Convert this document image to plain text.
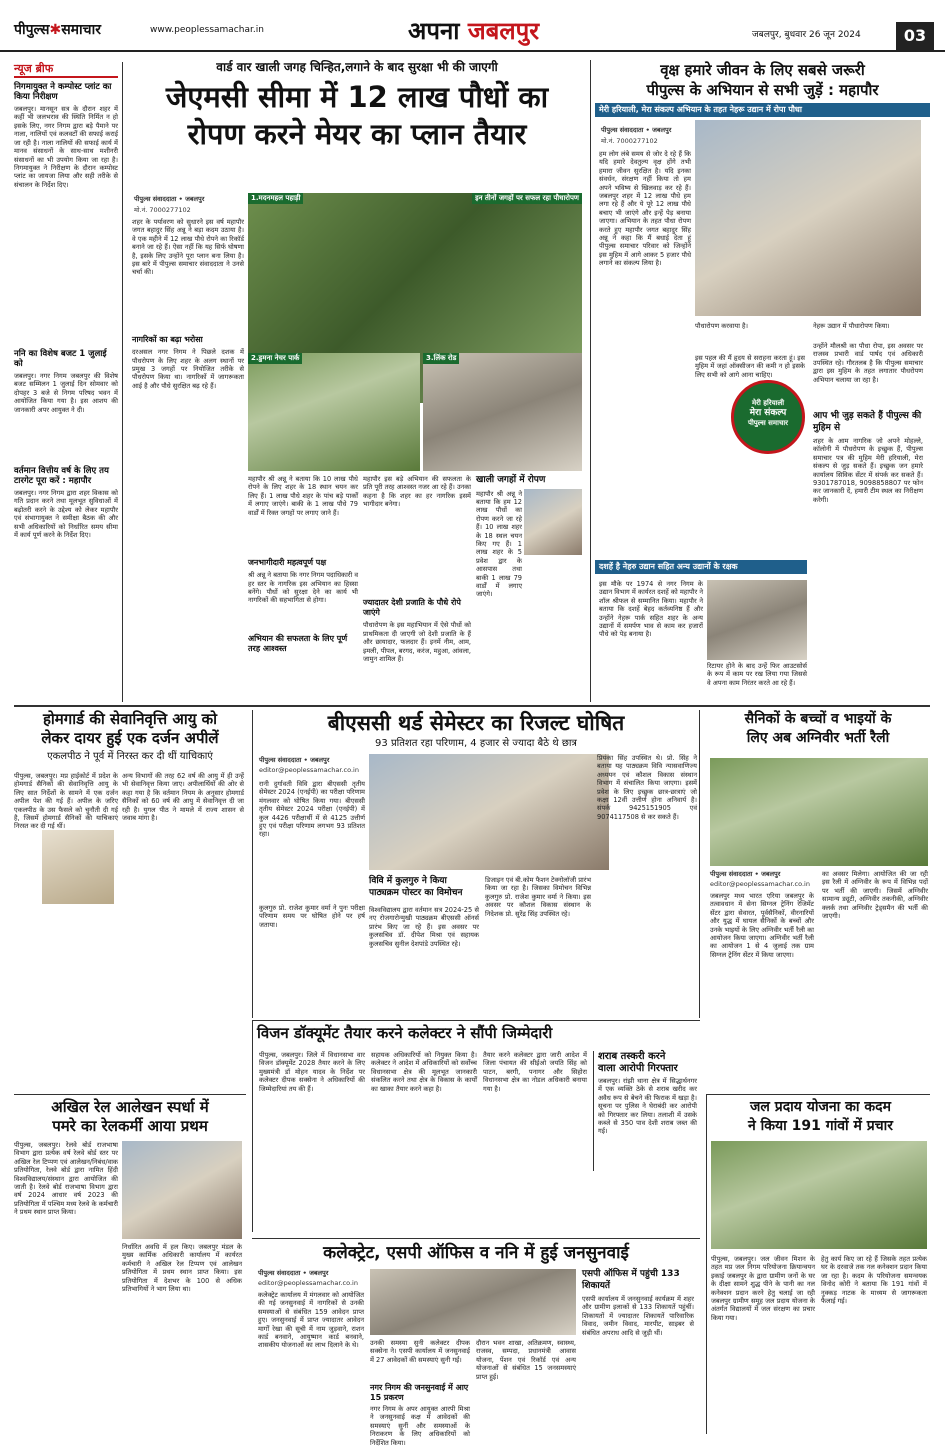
पीपुल्स✱समाचार	www.peoplessamachar.in	अपना जबलपुर	जबलपुर, बुधवार 26 जून 2024	03
न्यूज ब्रीफ
निगमायुक्त ने कम्पोस्ट प्लांट का किया निरीक्षण
जबलपुर। मानसून सत्र के दौरान शहर में कहीं भी जलभराव की स्थिति निर्मित न हो इसके लिए, नगर निगम द्वारा बड़े पैमाने पर नाला, नालियों एवं कलवर्टों की सफाई कराई जा रही है। नाला नालियों की सफाई कार्य में मानव संसाधनों के साथ-साथ मशीनरी संसाधनों का भी उपयोग किया जा रहा है। निगमायुक्त ने निरीक्षण के दौरान कम्पोस्ट प्लांट का जायजा लिया और सही तरीके से संचालन के निर्देश दिए।
ननि का विशेष बजट 1 जुलाई को
जबलपुर। नगर निगम जबलपुर की विशेष बजट सम्मिलन 1 जुलाई दिन सोमवार को दोपहर 3 बजे से निगम परिषद भवन में आयोजित किया गया है। इस आशय की जानकारी अपर आयुक्त ने दी।
वर्तमान वित्तीय वर्ष के लिए तय टारगेट पूरा करें : महापौर
जबलपुर। नगर निगम द्वारा शहर विकास को गति प्रदान करने तथा मूलभूत सुविधाओं में बढ़ोतरी करने के उद्देश्य को लेकर महापौर एवं संभागायुक्त ने समीक्षा बैठक की और सभी अधिकारियों को निर्धारित समय सीमा में कार्य पूर्ण करने के निर्देश दिए।
वार्ड वार खाली जगह चिन्हित,लगाने के बाद सुरक्षा भी की जाएगी
जेएमसी सीमा में 12 लाख पौधों का
रोपण करने मेयर का प्लान तैयार
पीपुल्स संवाददाता • जबलपुर
मो.नं. 7000277102
शहर के पर्यावरण को सुधारने इस वर्ष महापौर जगत बहादुर सिंह अन्नू ने बड़ा कदम उठाया है। वे एक महीने में 12 लाख पौधे रोपने का रिकॉर्ड बनाने जा रहे हैं। ऐसा नहीं कि यह सिर्फ घोषणा है, इसके लिए उन्होंने पूरा प्लान बना लिया है। इस बारे में पीपुल्स समाचार संवाददाता ने उनसे चर्चा की।
नागरिकों का बढ़ा भरोसा
दरअसल नगर निगम ने पिछले दशक में पौधरोपण के लिए शहर के अलग स्थानों पर प्रमुख 3 जगहों पर नियोजित तरीके से पौधरोपण किया था। नागरिकों में जागरूकता आई है और पौधे सुरक्षित बढ़ रहे हैं।
1.मदनमहल पहाड़ी	इन तीनों जगहों पर सफल रहा पौधारोपण
2.डुमना नेचर पार्क	3.लिंक रोड
महापौर श्री अन्नू ने बताया कि 10 लाख पौधे रोपने के लिए शहर के 18 स्थान चयन कर लिए हैं। 1 लाख पौधे शहर के पांच बड़े पार्कों में लगाए जाएंगे। बाकी के 1 लाख पौधे 79 वार्डों में रिक्त जगहों पर लगाए जाने हैं।
जनभागीदारी महत्वपूर्ण पक्ष
श्री अन्नू ने बताया कि नगर निगम पदाधिकारी व हर स्तर के नागरिक इस अभियान का हिस्सा बनेंगे। पौधों को सुरक्षा देने का कार्य भी नागरिकों की सहभागिता से होगा।
अभियान की सफलता के लिए पूर्ण तरह आश्वस्त
महापौर इस बड़े अभियान की सफलता के प्रति पूरी तरह आश्वस्त नजर आ रहे हैं। उनका कहना है कि शहर का हर नागरिक इसमें भागीदार बनेगा।
ज्यादातर देशी प्रजाति के पौधे रोपे जाएंगे
पौधारोपण के इस महाभियान में ऐसे पौधों को प्राथमिकता दी जाएगी जो देशी प्रजाति के हैं और छायादार, फलदार हैं। इनमें नीम, आम, इमली, पीपल, बरगद, करंज, महुआ, आंवला, जामुन शामिल हैं।
खाली जगहों में रोपण
महापौर श्री अन्नू ने बताया कि हम 12 लाख पौधों का रोपण करने जा रहे हैं। 10 लाख शहर के 18 स्थल चयन किए गए हैं। 1 लाख शहर के 5 प्रवेश द्वार के आसपास तथा बाकी 1 लाख 79 वार्डों में लगाए जाएंगे।
वृक्ष हमारे जीवन के लिए सबसे जरूरी
पीपुल्स के अभियान से सभी जुड़ें : महापौर
मेरी हरियाली, मेरा संकल्प अभियान के तहत नेहरू उद्यान में रोपा पौधा
पीपुल्स संवाददाता • जबलपुर
मो.नं. 7000277102
हम लोग लंबे समय से जोर दे रहे हैं कि यदि हमारे देवतुल्य वृक्ष होंगे तभी हमारा जीवन सुरक्षित है। यदि इनका संवर्धन, संरक्षण नहीं किया तो हम अपने भविष्य से खिलवाड़ कर रहे हैं। जबलपुर शहर में 12 लाख पौधे हम लगा रहे हैं और ये पूरे 12 लाख पौधे बचाए भी जाएंगे और इन्हें पेड़ बनाया जाएगा। अभियान के तहत पौधा रोपण करते हुए महापौर जगत बहादुर सिंह अन्नू ने कहा कि मैं बधाई देता हूं पीपुल्स समाचार परिवार को जिन्होंने इस मुहिम में आगे आकर 5 हजार पौधे लगाने का संकल्प लिया है।
पौधारोपण करवाया है।
इस पहल की मैं हृदय से सराहना करता हूं। इस मुहिम में जहां ऑक्सीजन की कमी न हो इसके लिए सभी को आगे आना चाहिए।
मेरी हरियाली
मेरा संकल्प
पीपुल्स समाचार
नेहरू उद्यान में पौधारोपण किया।
उन्होंने मौलश्री का पौधा रोपा, इस अवसर पर राजस्व प्रभारी वार्ड पार्षद एवं अधिकारी उपस्थित रहे। गौरतलब है कि पीपुल्स समाचार द्वारा इस मुहिम के तहत लगातार पौधरोपण अभियान चलाया जा रहा है।
आप भी जुड़ सकते हैं पीपुल्स की मुहिम से
शहर के आम नागरिक जो अपने मोहल्ले, कॉलोनी में पौधरोपण के इच्छुक हैं, पीपुल्स समाचार पत्र की मुहिम मेरी हरियाली, मेरा संकल्प से जुड़ सकते हैं। इच्छुक जन हमारे कार्यालय सिविक सेंटर में संपर्क कर सकते हैं। 9301787018, 9098858807 पर फोन कर जानकारी दें, हमारी टीम स्थल का निरीक्षण करेगी।
दशहें है नेहरु उद्यान सहित अन्य उद्यानों के रक्षक
इस मौके पर 1974 से नगर निगम के उद्यान विभाग में कार्यरत दशहें को महापौर ने शॉल श्रीफल से सम्मानित किया। महापौर ने बताया कि दशहें बेहद कर्तव्यनिष्ठ हैं और उन्होंने नेहरू पार्क सहित शहर के अन्य उद्यानों में समर्पण भाव से काम कर हजारों पौधे को पेड़ बनाया है।
रिटायर होने के बाद उन्हें फिर आउटसोर्स के रूप में काम पर रख लिया गया जिससे वे अपना काम निरंतर करते आ रहे हैं।
होमगार्ड की सेवानिवृत्ति आयु को
लेकर दायर हुई एक दर्जन अपीलें
एकलपीठ ने पूर्व में निरस्त कर दी थीं याचिकाएं
पीपुल्स, जबलपुर। मप्र हाईकोर्ट में प्रदेश के होमगार्ड सैनिकों की सेवानिवृत्ति आयु के लिए सात निर्देशों के सामने में एक दर्जन अपील पेश की गई हैं। अपील के जरिए एकलपीठ के उस फैसले को चुनौती दी गई है, जिसमें होमगार्ड सैनिकों की याचिकाएं निरस्त कर दी गई थीं।
अन्य विभागों की तरह 62 वर्ष की आयु में ही उन्हें भी सेवानिवृत्त किया जाए। अपीलार्थियों की ओर से कहा गया है कि वर्तमान नियम के अनुसार होमगार्ड सैनिकों को 60 वर्ष की आयु में सेवानिवृत्त दी जा रही है। युगल पीठ ने मामले में राज्य शासन से जवाब मांगा है।
बीएससी थर्ड सेमेस्टर का रिजल्ट घोषित
93 प्रतिशत रहा परिणाम, 4 हजार से ज्यादा बैठे थे छात्र
पीपुल्स संवाददाता • जबलपुर
editor@peoplessamachar.co.in
रानी दुर्गावती विवि द्वारा बीएससी तृतीय सेमेस्टर 2024 (एनईपी) का परीक्षा परिणाम मंगलवार को घोषित किया गया। बीएससी तृतीय सेमेस्टर 2024 परीक्षा (एनईपी) में कुल 4426 परीक्षार्थी में से 4125 उत्तीर्ण हुए एवं परीक्षा परिणाम लगभग 93 प्रतिशत रहा।
कुलगुरु प्रो. राजेश कुमार वर्मा ने पुनः परीक्षा परिणाम समय पर घोषित होने पर हर्ष जताया।
विवि में कुलगुरु ने किया पाठ्यक्रम पोस्टर का विमोचन
विश्वविद्यालय द्वारा वर्तमान सत्र 2024-25 से नए रोजगारोन्मुखी पाठ्यक्रम बीएससी ऑनर्स प्रारंभ किए जा रहे हैं। इस अवसर पर कुलसचिव डॉ. दीपेश मिश्रा एवं सहायक कुलसचिव सुनील देशपांडे उपस्थित रहे।
डिजाइन एवं बी.कोम फैशन टेक्नोलॉजी प्रारंभ किया जा रहा है। जिसका विमोचन विभिन्न कुलगुरु प्रो. राजेश कुमार वर्मा ने किया। इस अवसर पर कौशल विकास संस्थान के निदेशक प्रो. सुरेंद्र सिंह उपस्थित रहे।
प्रियंका सिंह उपस्थित थे। प्रो. सिंह ने बताया यह पाठ्यक्रम विवि न्यासवाणिज्य अध्ययन एवं कौशल विकास संस्थान विभाग में संचालित किया जाएगा। इसमें प्रवेश के लिए इच्छुक छात्र-छात्राएं जो कक्षा 12वीं उत्तीर्ण होना अनिवार्य है। संपर्क 9425151905 एवं 9074117508 से कर सकते हैं।
सैनिकों के बच्चों व भाइयों के
लिए अब अग्निवीर भर्ती रैली
पीपुल्स संवाददाता • जबलपुर
editor@peoplessamachar.co.in
जबलपुर मध्य भारत एरिया जबलपुर के तत्वावधान में सेना सिग्नल ट्रेनिंग रेजिमेंट सेंटर द्वारा सेवारत, पूर्वसैनिकों, वीरनारियों और युद्ध में घायल सैनिकों के बच्चों और उनके भाइयों के लिए अग्निवीर भर्ती रैली का आयोजन किया जाएगा। अग्निवीर भर्ती रैली का आयोजन 1 से 4 जुलाई तक ग्राम सिग्नल ट्रेनिंग सेंटर में किया जाएगा।
का अवसर मिलेगा। आयोजित की जा रही इस रैली में अग्निवीर के रूप में विभिन्न पदों पर भर्ती की जाएगी। जिसमें अग्निवीर सामान्य ड्यूटी, अग्निवीर तकनीकी, अग्निवीर क्लर्क तथा अग्निवीर ट्रेड्समैन की भर्ती की जाएगी।
विजन डॉक्यूमेंट तैयार करने कलेक्टर ने सौंपी जिम्मेदारी
पीपुल्स, जबलपुर। जिले में विधानसभा वार विजन डॉक्यूमेंट 2028 तैयार करने के लिए मुख्यमंत्री डॉ मोहन यादव के निर्देश पर कलेक्टर दीपक सक्सेना ने अधिकारियों की जिम्मेदारियां तय की हैं।
सहायक अधिकारियों को नियुक्त किया है। कलेक्टर ने आदेश में अधिकारियों को सर्वोच्च विधानसभा क्षेत्र की मूलभूत जानकारी संकलित करने तथा क्षेत्र के विकास के कार्यों का खाका तैयार करने कहा है।
तैयार करने कलेक्टर द्वारा जारी आदेश में जिला पंचायत की सीईओ जयति सिंह को पाटन, बरगी, पनागर और सिहोरा विधानसभा क्षेत्र का नोडल अधिकारी बनाया गया है।
शराब तस्करी करने
वाला आरोपी गिरफ्तार
जबलपुर। रांझी थाना क्षेत्र में सिद्धार्थनगर में एक व्यक्ति ठेके से शराब खरीद कर अवैध रूप से बेचने की फिराक में खड़ा है। सूचना पर पुलिस ने घेराबंदी कर आरोपी को गिरफ्तार कर लिया। तलाशी में उसके कब्जे से 350 पाव देशी शराब जब्त की गई।
अखिल रेल आलेखन स्पर्धा में
पमरे का रेलकर्मी आया प्रथम
पीपुल्स, जबलपुर। रेलवे बोर्ड राजभाषा विभाग द्वारा प्रत्येक वर्ष रेलवे बोर्ड स्तर पर अखिल रेल टिप्पण एवं आलेखन/निबंध/वाक प्रतियोगिता, रेलवे बोर्ड द्वारा नामित हिंदी विश्वविद्यालय/संस्थान द्वारा आयोजित की जाती है। रेलवे बोर्ड राजभाषा विभाग द्वारा वर्ष 2024 आधार वर्ष 2023 की प्रतियोगिता में पश्चिम मध्य रेलवे के कर्मचारी ने प्रथम स्थान प्राप्त किया।
निर्धारित अवधि में हल किए। जबलपुर मंडल के मुख्य कार्मिक अधिकारी कार्यालय में कार्यरत कर्मचारी ने अखिल रेल टिप्पण एवं आलेखन प्रतियोगिता में प्रथम स्थान प्राप्त किया। इस प्रतियोगिता में देशभर के 100 से अधिक प्रतिभागियों ने भाग लिया था।
कलेक्ट्रेट, एसपी ऑफिस व ननि में हुई जनसुनवाई
पीपुल्स संवाददाता • जबलपुर
editor@peoplessamachar.co.in
कलेक्ट्रेट कार्यालय में मंगलवार को आयोजित की गई जनसुनवाई में नागरिकों से उनकी समस्याओं से संबंधित 159 आवेदन प्राप्त हुए। जनसुनवाई में प्राप्त ज्यादातर आवेदन मार्गों रेखा की सूची में नाम जुड़वाने, राशन कार्ड बनवाने, आयुष्मान कार्ड बनवाने, शासकीय योजनाओं का लाभ दिलाने के थे।	उनकी समस्या सुनी कलेक्टर दीपक सक्सेना ने। एसपी कार्यालय में जनसुनवाई में 27 आवेदकों की समस्याएं सुनी गईं।
नगर निगम की जनसुनवाई में आए 15 प्रकरण
नगर निगम के अपर आयुक्त आरपी मिश्रा ने जनसुनवाई कक्ष में आवेदकों की समस्याएं सुनीं और समस्याओं के निराकरण के लिए अधिकारियों को निर्देशित किया।
दौरान भवन शाखा, अतिक्रमण, स्वास्थ्य, राजस्व, सम्पदा, प्रधानमंत्री आवास योजना, पेंशन एवं रिकॉर्ड एवं अन्य योजनाओं से संबंधित 15 जनसमस्याएं प्राप्त हुई।
एसपी ऑफिस में पहुंची 133 शिकायतें
एसपी कार्यालय में जनसुनवाई कार्यक्रम में शहर और ग्रामीण इलाकों से 133 शिकायतें पहुंचीं। शिकायतों में ज्यादातर शिकायतें पारिवारिक विवाद, जमीन विवाद, मारपीट, साइबर से संबंधित अपराध आदि से जुड़ी थीं।
जल प्रदाय योजना का कदम
ने किया 191 गांवों में प्रचार
पीपुल्स, जबलपुर। जल जीवन मिशन के तहत मप्र जल निगम परियोजना क्रियान्वयन इकाई जबलपुर के द्वारा ग्रामीण जनों के घर के दीक्षा सामने शुद्ध पीने के पानी का नल कनेक्शन प्रदान करने हेतु चलाई जा रही जबलपुर ग्रामीण समूह जल प्रदाय योजना के अंतर्गत विद्यालयों में जल संरक्षण का प्रचार किया गया।
हेतु कार्य किए जा रहे हैं जिसके तहत प्रत्येक घर के दरवाजे तक नल कनेक्शन प्रदान किया जा रहा है। कदम के परियोजना समन्वयक विनोद कोरी ने बताया कि 191 गांवों में नुक्कड़ नाटक के माध्यम से जागरूकता फैलाई गई।
